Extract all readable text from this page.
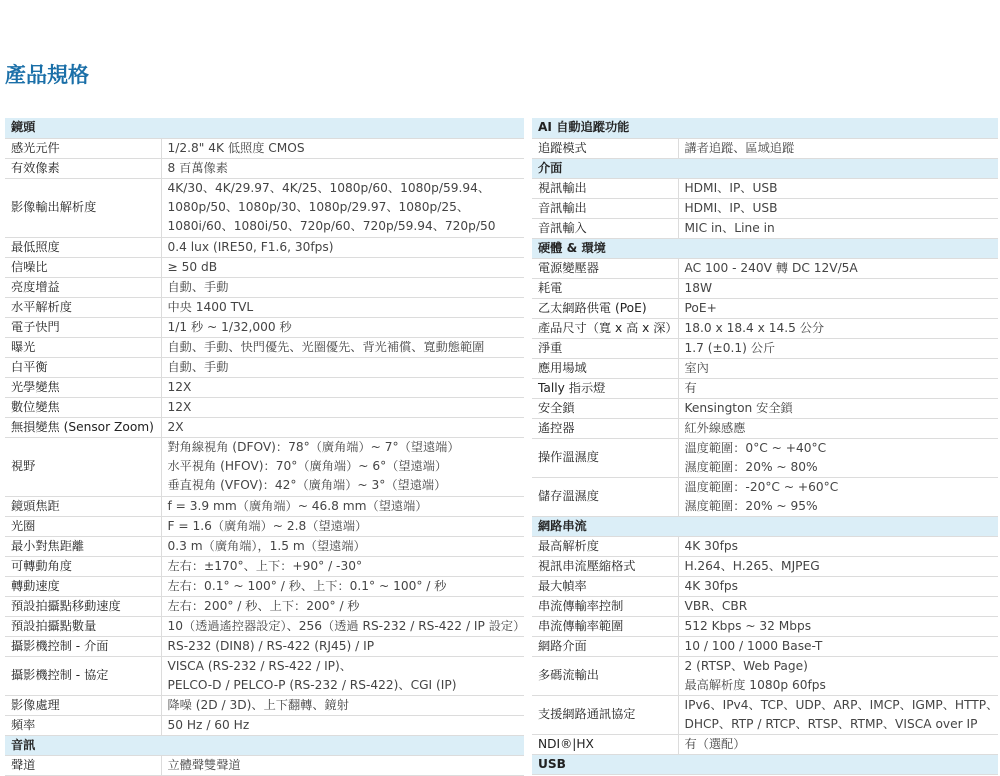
產品規格
鏡頭	
感光元件	1/2.8" 4K 低照度 CMOS

有效像素	8 百萬像素

影像輸出解析度	4K/30、4K/29.97、4K/25、1080p/60、1080p/59.94、
1080p/50、1080p/30、1080p/29.97、1080p/25、
1080i/60、1080i/50、720p/60、720p/59.94、720p/50

最低照度	0.4 lux (IRE50, F1.6, 30fps)

信噪比	≥ 50 dB

亮度增益	自動、手動

水平解析度	中央 1400 TVL

電子快門	1/1 秒 ~ 1/32,000 秒

曝光	自動、手動、快門優先、光圈優先、背光補償、寬動態範圍

白平衡	自動、手動

光學變焦	12X

數位變焦	12X

無損變焦 (Sensor Zoom)	2X

視野	對角線視角 (DFOV)：78°（廣角端）~ 7°（望遠端）
水平視角 (HFOV)：70°（廣角端）~ 6°（望遠端）
垂直視角 (VFOV)：42°（廣角端）~ 3°（望遠端）

鏡頭焦距	f = 3.9 mm（廣角端）~ 46.8 mm（望遠端）

光圈	F = 1.6（廣角端）~ 2.8（望遠端）

最小對焦距離	0.3 m（廣角端），1.5 m（望遠端）

可轉動角度	左右：±170°、上下：+90° / -30°

轉動速度	左右：0.1° ~ 100° / 秒、上下：0.1° ~ 100° / 秒

預設拍攝點移動速度	左右：200° / 秒、上下：200° / 秒

預設拍攝點數量	10（透過遙控器設定）、256（透過 RS-232 / RS-422 / IP 設定）

攝影機控制 - 介面	RS-232 (DIN8) / RS-422 (RJ45) / IP

攝影機控制 - 協定	VISCA (RS-232 / RS-422 / IP)、
PELCO-D / PELCO-P (RS-232 / RS-422)、CGI (IP)

影像處理	降噪 (2D / 3D)、上下翻轉、鏡射

頻率	50 Hz / 60 Hz

音訊	
聲道	立體聲雙聲道
AI 自動追蹤功能	
追蹤模式	講者追蹤、區域追蹤

介面	
視訊輸出	HDMI、IP、USB

音訊輸出	HDMI、IP、USB

音訊輸入	MIC in、Line in

硬體 & 環境	
電源變壓器	AC 100 - 240V 轉 DC 12V/5A

耗電	18W

乙太網路供電 (PoE)	PoE+

產品尺寸（寬 x 高 x 深）	18.0 x 18.4 x 14.5 公分

淨重	1.7 (±0.1) 公斤

應用場域	室內

Tally 指示燈	有

安全鎖	Kensington 安全鎖

遙控器	紅外線感應

操作溫濕度	溫度範圍：0°C ~ +40°C
濕度範圍：20% ~ 80%

儲存溫濕度	溫度範圍：-20°C ~ +60°C
濕度範圍：20% ~ 95%

網路串流	
最高解析度	4K 30fps

視訊串流壓縮格式	H.264、H.265、MJPEG

最大幀率	4K 30fps

串流傳輸率控制	VBR、CBR

串流傳輸率範圍	512 Kbps ~ 32 Mbps

網路介面	10 / 100 / 1000 Base-T

多碼流輸出	2 (RTSP、Web Page)
最高解析度 1080p 60fps

支援網路通訊協定	IPv6、IPv4、TCP、UDP、ARP、IMCP、IGMP、HTTP、
DHCP、RTP / RTCP、RTSP、RTMP、VISCA over IP

NDI®|HX	有（選配）

USB	
